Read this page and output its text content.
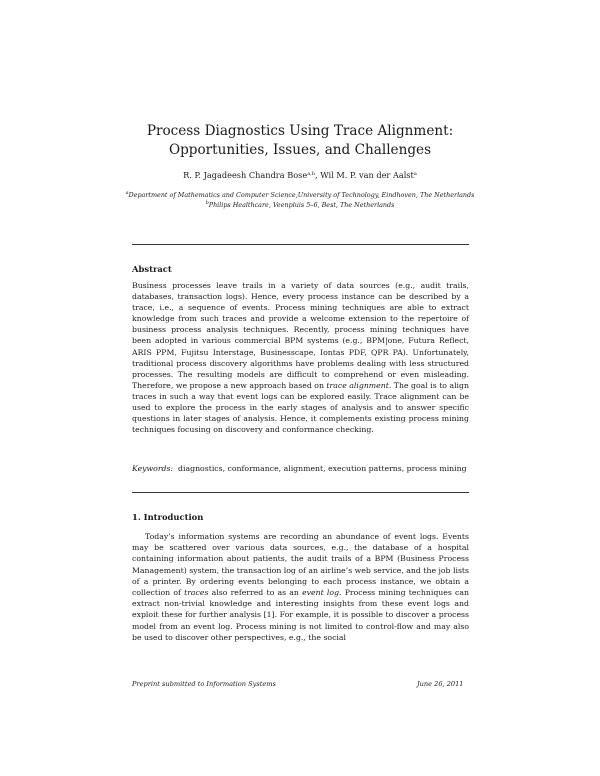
Process Diagnostics Using Trace Alignment:
Opportunities, Issues, and Challenges
R. P. Jagadeesh Chandra Bose$^{a,b}$, Wil M. P. van der Aalst$^a$

$^a$Department of Mathematics and Computer Science,University of Technology, Eindhoven, The Netherlands

$^b$Philips Healthcare, Veenpluis 5–6, Best, The Netherlands

Abstract

Business processes leave trails in a variety of data sources (e.g., audit trails, databases, transaction logs). Hence, every process instance can be described by a trace, i.e., a sequence of events. Process mining techniques are able to extract knowledge from such traces and provide a welcome extension to the repertoire of business process analysis techniques. Recently, process mining techniques have been adopted in various commercial BPM systems (e.g., BPM|one, Futura Reflect, ARIS PPM, Fujitsu Interstage, Businesscape, Iontas PDF, QPR PA). Unfortunately, traditional process discovery algorithms have problems dealing with less structured processes. The resulting models are difficult to comprehend or even misleading. Therefore, we propose a new approach based on trace alignment. The goal is to align traces in such a way that event logs can be explored easily. Trace alignment can be used to explore the process in the early stages of analysis and to answer specific questions in later stages of analysis. Hence, it complements existing process mining techniques focusing on discovery and conformance checking.

Keywords: diagnostics, conformance, alignment, execution patterns, process mining
1. Introduction

Today’s information systems are recording an abundance of event logs. Events may be scattered over various data sources, e.g., the database of a hospital containing information about patients, the audit trails of a BPM (Business Process Management) system, the transaction log of an airline’s web service, and the job lists of a printer. By ordering events belonging to each process instance, we obtain a collection of traces also referred to as an event log. Process mining techniques can extract non-trivial knowledge and interesting insights from these event logs and exploit these for further analysis [1]. For example, it is possible to discover a process model from an event log. Process mining is not limited to control-flow and may also be used to discover other perspectives, e.g., the social

Preprint submitted to Information Systems	June 26, 2011
